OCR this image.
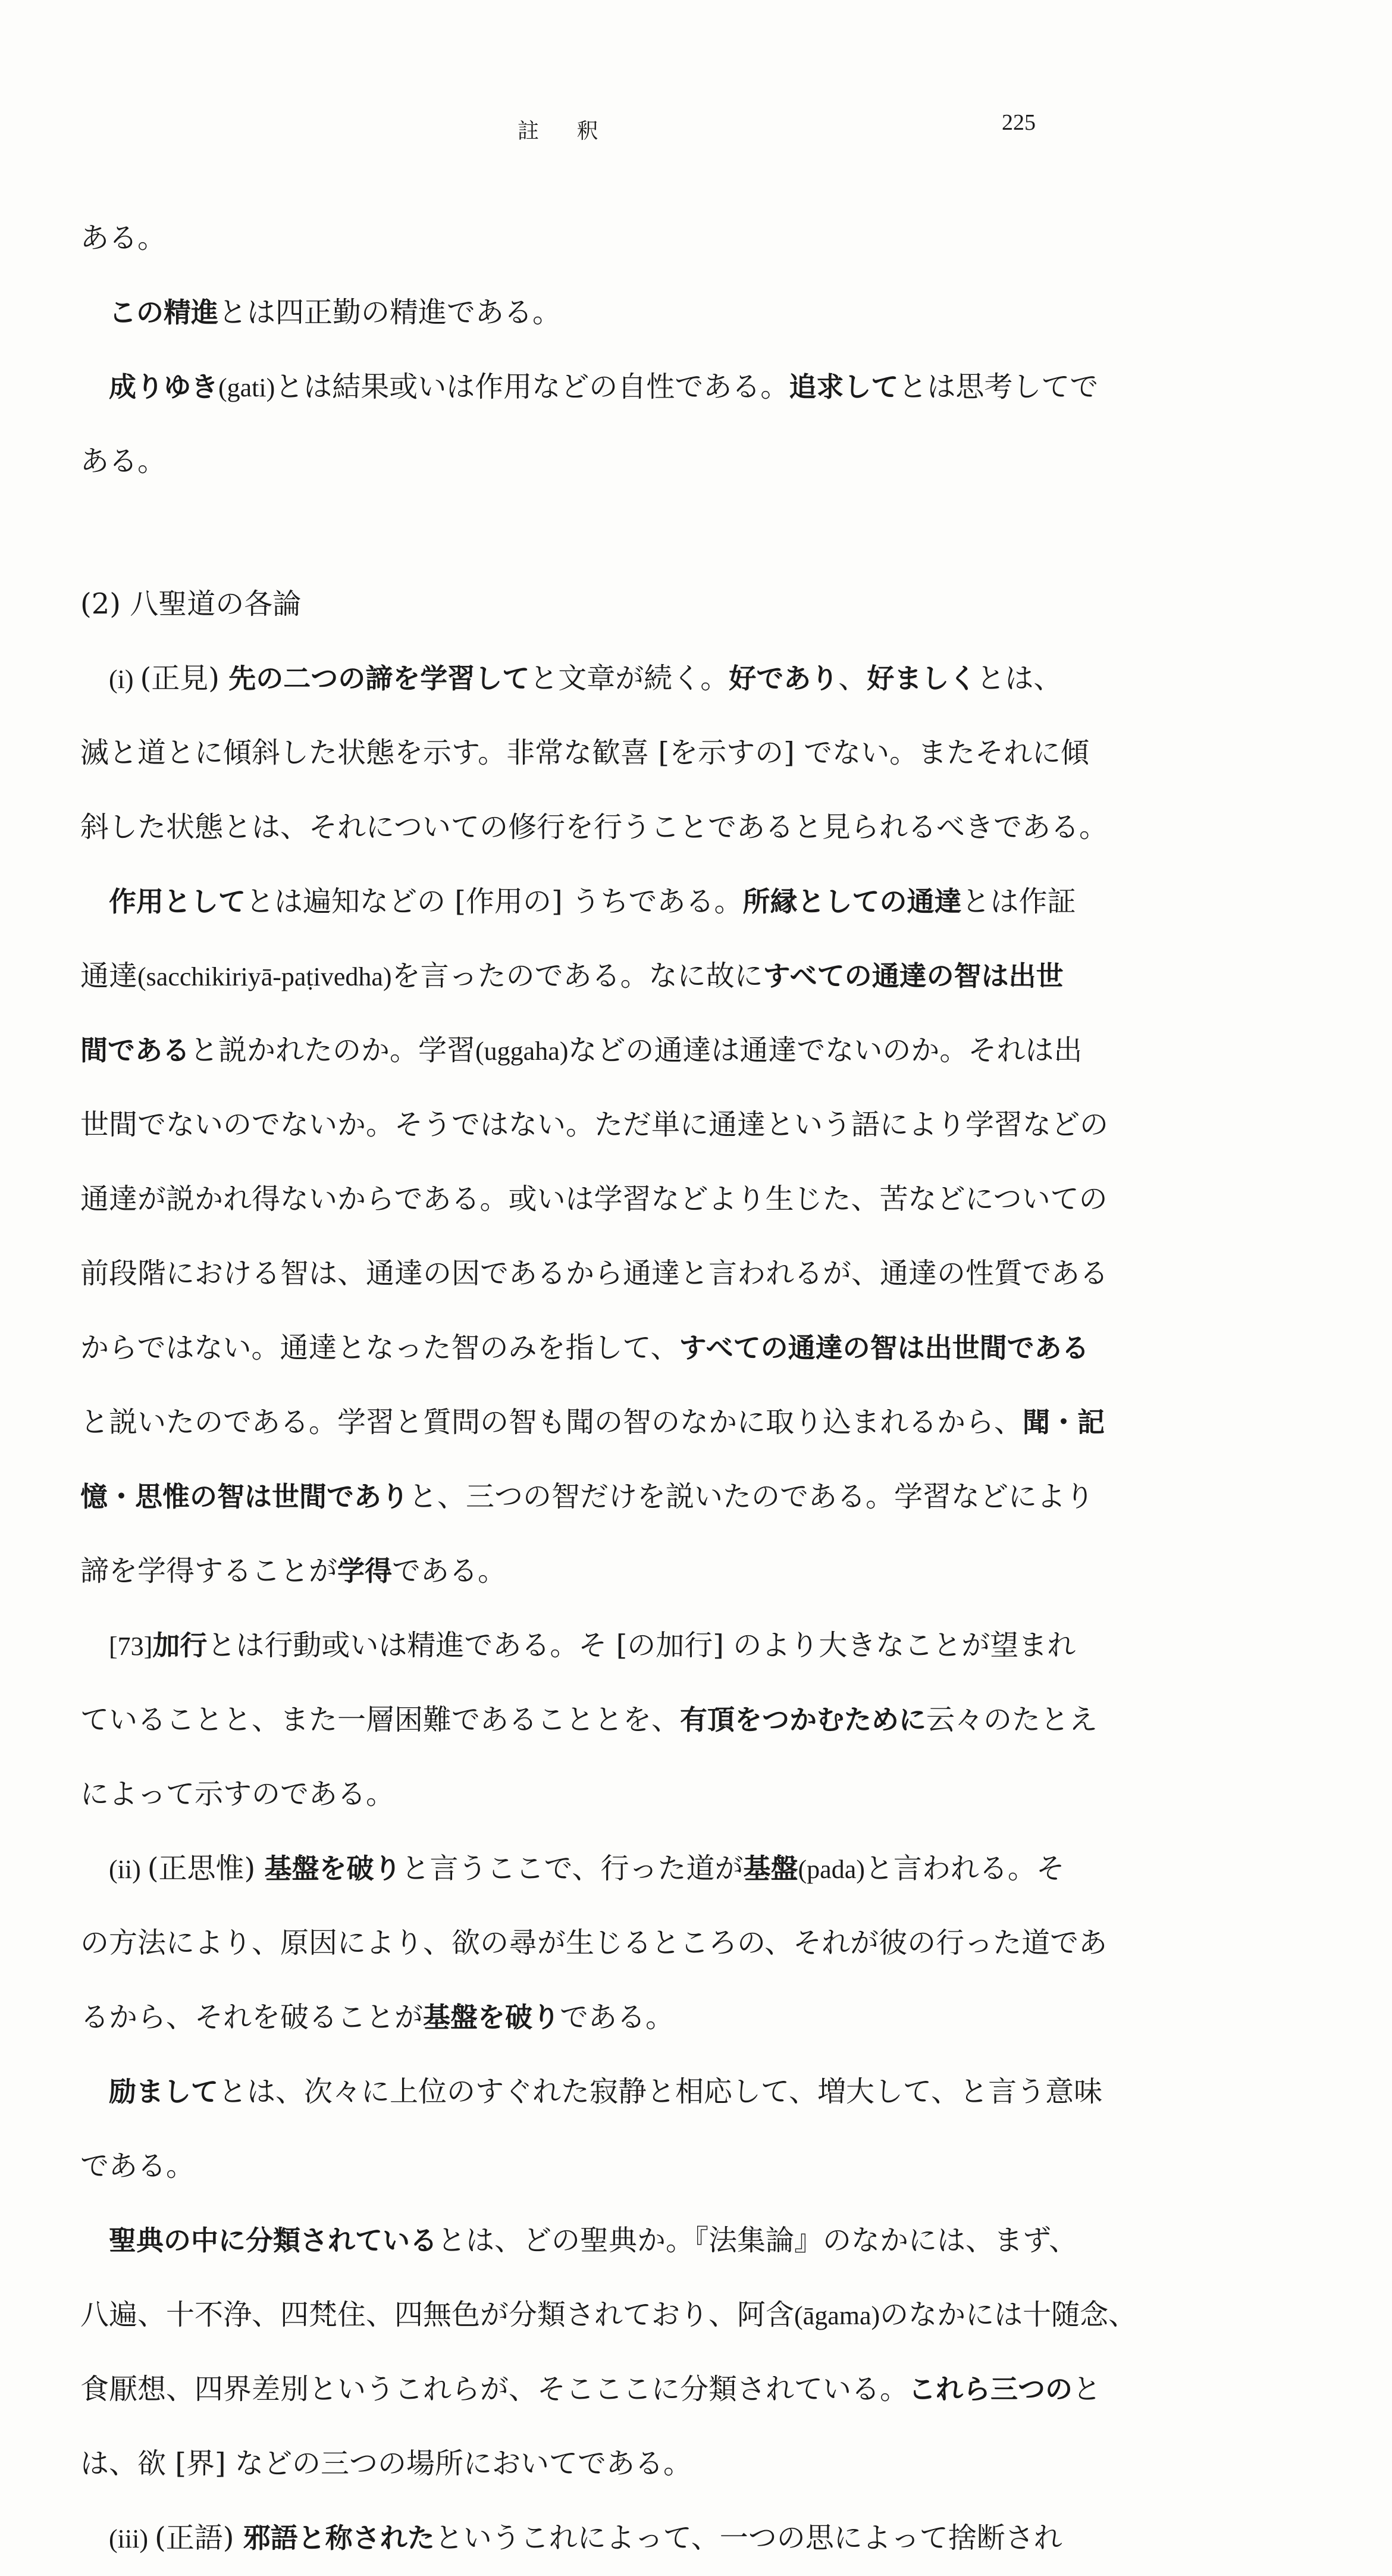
註 釈	225
ある。
この精進とは四正勤の精進である。
成りゆき(gati)とは結果或いは作用などの自性である。追求してとは思考してで
ある。
(2) 八聖道の各論
(i) (正見) 先の二つの諦を学習してと文章が続く。好であり、好ましくとは、
滅と道とに傾斜した状態を示す。非常な歓喜 [を示すの] でない。またそれに傾
斜した状態とは、それについての修行を行うことであると見られるべきである。
作用としてとは遍知などの [作用の] うちである。所縁としての通達とは作証
通達(sacchikiriyā-paṭivedha)を言ったのである。なに故にすべての通達の智は出世
間であると説かれたのか。学習(uggaha)などの通達は通達でないのか。それは出
世間でないのでないか。そうではない。ただ単に通達という語により学習などの
通達が説かれ得ないからである。或いは学習などより生じた、苦などについての
前段階における智は、通達の因であるから通達と言われるが、通達の性質である
からではない。通達となった智のみを指して、すべての通達の智は出世間である
と説いたのである。学習と質問の智も聞の智のなかに取り込まれるから、聞・記
憶・思惟の智は世間でありと、三つの智だけを説いたのである。学習などにより
諦を学得することが学得である。
[73]加行とは行動或いは精進である。そ [の加行] のより大きなことが望まれ
ていることと、また一層困難であることとを、有頂をつかむために云々のたとえ
によって示すのである。
(ii) (正思惟) 基盤を破りと言うここで、行った道が基盤(pada)と言われる。そ
の方法により、原因により、欲の尋が生じるところの、それが彼の行った道であ
るから、それを破ることが基盤を破りである。
励ましてとは、次々に上位のすぐれた寂静と相応して、増大して、と言う意味
である。
聖典の中に分類されているとは、どの聖典か。『法集論』のなかには、まず、
八遍、十不浄、四梵住、四無色が分類されており、阿含(āgama)のなかには十随念、
食厭想、四界差別というこれらが、そこここに分類されている。これら三つのと
は、欲 [界] などの三つの場所においてである。
(iii) (正語) 邪語と称されたというこれによって、一つの思によって捨断され
